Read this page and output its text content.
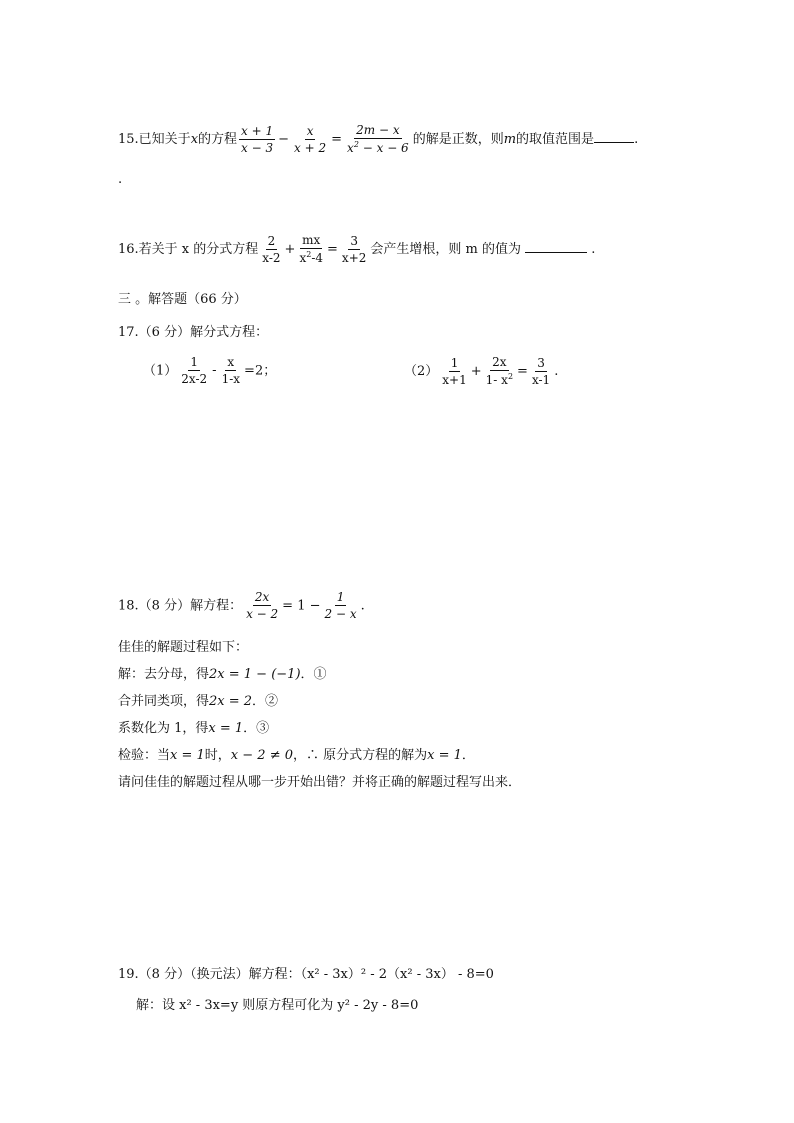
15.已知关于x的方程 $\frac{x + 1}{x - 3} - \frac{x}{x + 2} = \frac{2m - x}{x^2 - x - 6}$ 的解是正数，则m的取值范围是	.
.
16.若关于 x 的分式方程 $\frac{2}{x-2} + \frac{mx}{x^2-4} = \frac{3}{x+2}$ 会产生增根，则 m 的值为	.
三 。解答题（66 分）
17.（6 分）解分式方程：
$(1) \frac{1}{2x-2} - \frac{x}{1-x} =2$；	$(2) \frac{1}{x+1} + \frac{2x}{1- x^2} = \frac{3}{x-1}$ .
18.（8 分）解方程： $\frac{2x}{x - 2} = 1 - \frac{1}{2 - x}$ .
佳佳的解题过程如下：
解：去分母，得2x = 1 − (−1)．①
合并同类项，得2x = 2．②
系数化为 1，得x = 1．③
检验：当x = 1时，x − 2 ≠ 0，∴ 原分式方程的解为x = 1．
请问佳佳的解题过程从哪一步开始出错？并将正确的解题过程写出来．
19.（8 分）（换元法）解方程：（x² - 3x）² - 2（x² - 3x） - 8=0
解：设 x² - 3x=y 则原方程可化为 y² - 2y - 8=0
